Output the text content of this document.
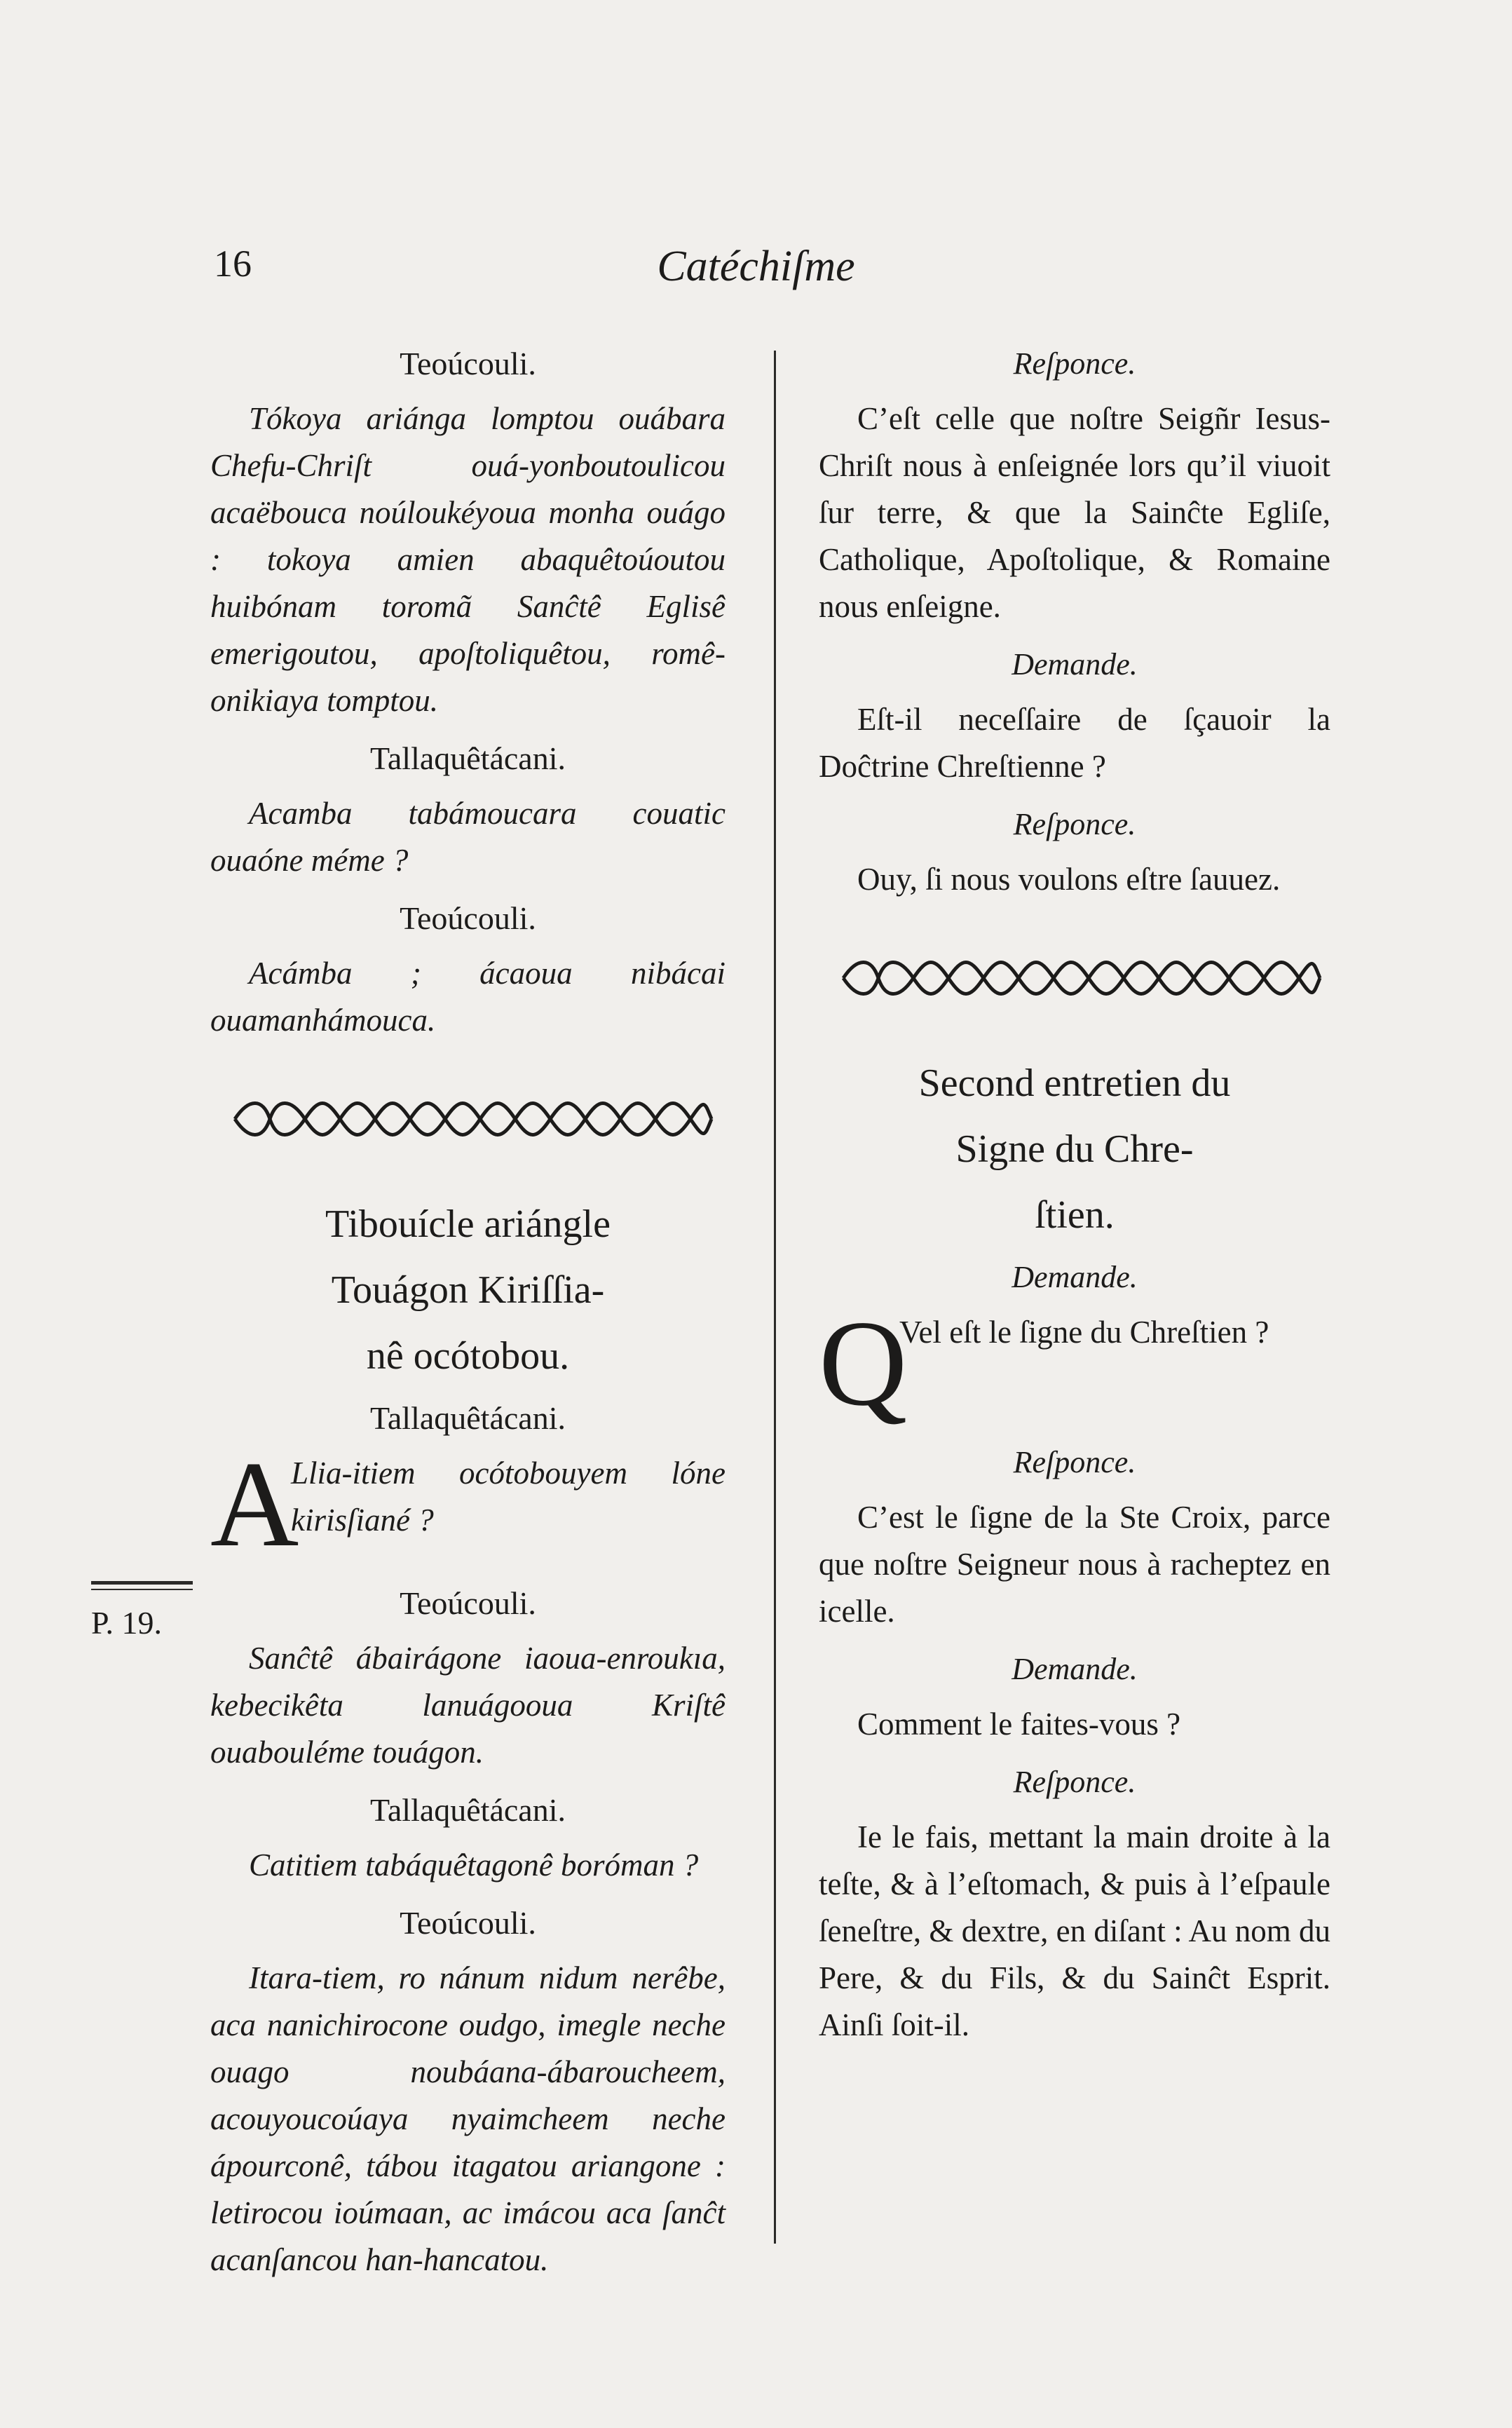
16	Catéchiſme
Teoúcouli.

Tókoya ariánga lomptou ouábara Chefu-Chriſt ouá-yonboutoulicou acaëbouca noúloukéyoua monha ouágo : tokoya amien abaquêtoúoutou huibónam toromã Sanĉtê Eglisê emerigoutou, apoſtoliquêtou, romê-onikiaya tomptou.

Tallaquêtácani.

Acamba tabámoucara couatic ouaóne méme ?

Teoúcouli.

Acámba ; ácaoua nibácai ouamanhámouca.

Tibouícle ariángle
Touágon Kiriſſia-
nê ocótobou.
Tallaquêtácani.
A
Llia-itiem ocótobouyem lóne kirisſiané ?
Teoúcouli.

Sanĉtê ábairágone iaoua-enroukıa, kebecikêta lanuágooua Kriſtê ouabouléme touágon.

Tallaquêtácani.

Catitiem tabáquêtagonê boróman ?

Teoúcouli.

Itara-tiem, ro nánum nidum nerêbe, aca nanichirocone oudgo, imegle neche ouago noubáana-ábaroucheem, acouyoucoúaya nyaimcheem neche ápourconê, tábou itagatou ariangone : letirocou ioúmaan, ac imácou aca ſanĉt acanſancou han-hancatou.

Reſponce.

C’eſt celle que noſtre Seigñr Iesus-Chriſt nous à enſeignée lors qu’il viuoit ſur terre, & que la Sainĉte Egliſe, Catholique, Apoſtolique, & Romaine nous enſeigne.

Demande.

Eſt-il neceſſaire de ſçauoir la Doĉtrine Chreſtienne ?

Reſponce.

Ouy, ſi nous voulons eſtre ſauuez.

Second entretien du
Signe du Chre-
ſtien.
Demande.
Q
Vel eſt le ſigne du Chreſtien ?
Reſponce.

C’est le ſigne de la Ste Croix, parce que noſtre Seigneur nous à racheptez en icelle.

Demande.

Comment le faites-vous ?

Reſponce.

Ie le fais, mettant la main droite à la teſte, & à l’eſtomach, & puis à l’eſpaule ſeneſtre, & dextre, en diſant : Au nom du Pere, & du Fils, & du Sainĉt Esprit. Ainſi ſoit-il.

P. 19.
